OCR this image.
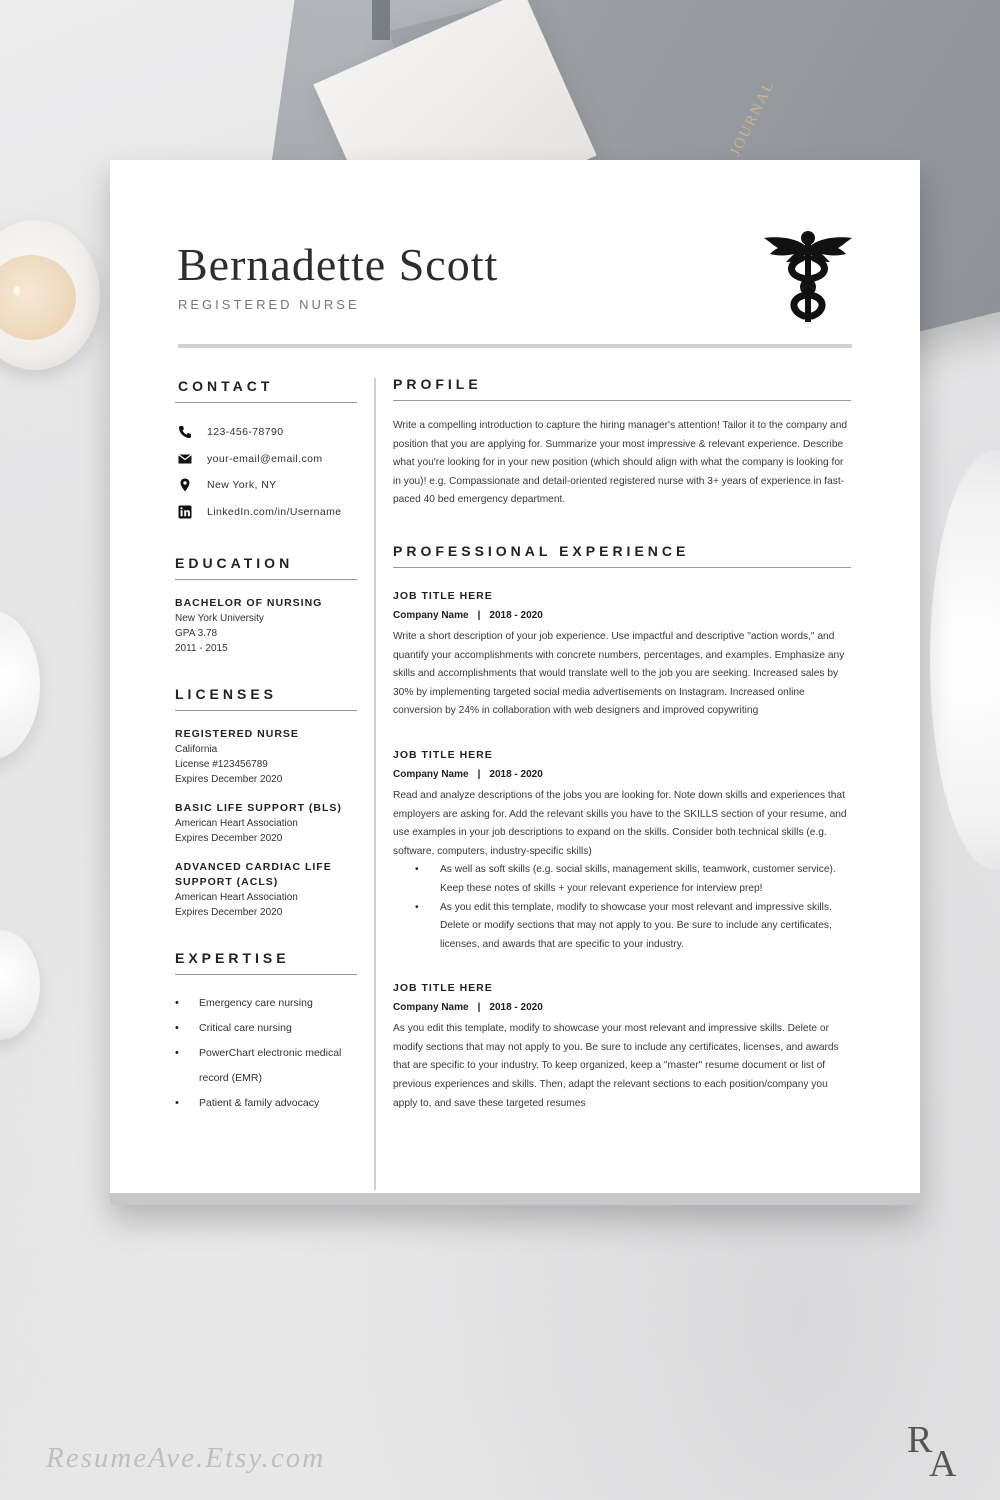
JOURNAL
Bernadette Scott
REGISTERED NURSE
CONTACT
123-456-78790
your-email@email.com
New York, NY
LinkedIn.com/in/Username
EDUCATION
BACHELOR OF NURSING
New York University
GPA 3.78
2011 - 2015
LICENSES
REGISTERED NURSE
California
License #123456789
Expires December 2020
BASIC LIFE SUPPORT (BLS)
American Heart Association
Expires December 2020
ADVANCED CARDIAC LIFE SUPPORT (ACLS)
American Heart Association
Expires December 2020
EXPERTISE
• Emergency care nursing
• Critical care nursing
• PowerChart electronic medical record (EMR)
• Patient & family advocacy
PROFILE

Write a compelling introduction to capture the hiring manager's attention! Tailor it to the company and position that you are applying for. Summarize your most impressive & relevant experience. Describe what you're looking for in your new position (which should align with what the company is looking for in you)! e.g. Compassionate and detail-oriented registered nurse with 3+ years of experience in fast-paced 40 bed emergency department.

PROFESSIONAL EXPERIENCE
JOB TITLE HERE
Company Name | 2018 - 2020

Write a short description of your job experience. Use impactful and descriptive "action words," and quantify your accomplishments with concrete numbers, percentages, and examples. Emphasize any skills and accomplishments that would translate well to the job you are seeking. Increased sales by 30% by implementing targeted social media advertisements on Instagram. Increased online conversion by 24% in collaboration with web designers and improved copywriting

JOB TITLE HERE
Company Name | 2018 - 2020

Read and analyze descriptions of the jobs you are looking for. Note down skills and experiences that employers are asking for. Add the relevant skills you have to the SKILLS section of your resume, and use examples in your job descriptions to expand on the skills. Consider both technical skills (e.g. software, computers, industry-specific skills)

• As well as soft skills (e.g. social skills, management skills, teamwork, customer service). Keep these notes of skills + your relevant experience for interview prep!
• As you edit this template, modify to showcase your most relevant and impressive skills. Delete or modify sections that may not apply to you. Be sure to include any certificates, licenses, and awards that are specific to your industry.
JOB TITLE HERE
Company Name | 2018 - 2020

As you edit this template, modify to showcase your most relevant and impressive skills. Delete or modify sections that may not apply to you. Be sure to include any certificates, licenses, and awards that are specific to your industry. To keep organized, keep a "master" resume document or list of previous experiences and skills. Then, adapt the relevant sections to each position/company you apply to, and save these targeted resumes

ResumeAve.Etsy.com	R
A
